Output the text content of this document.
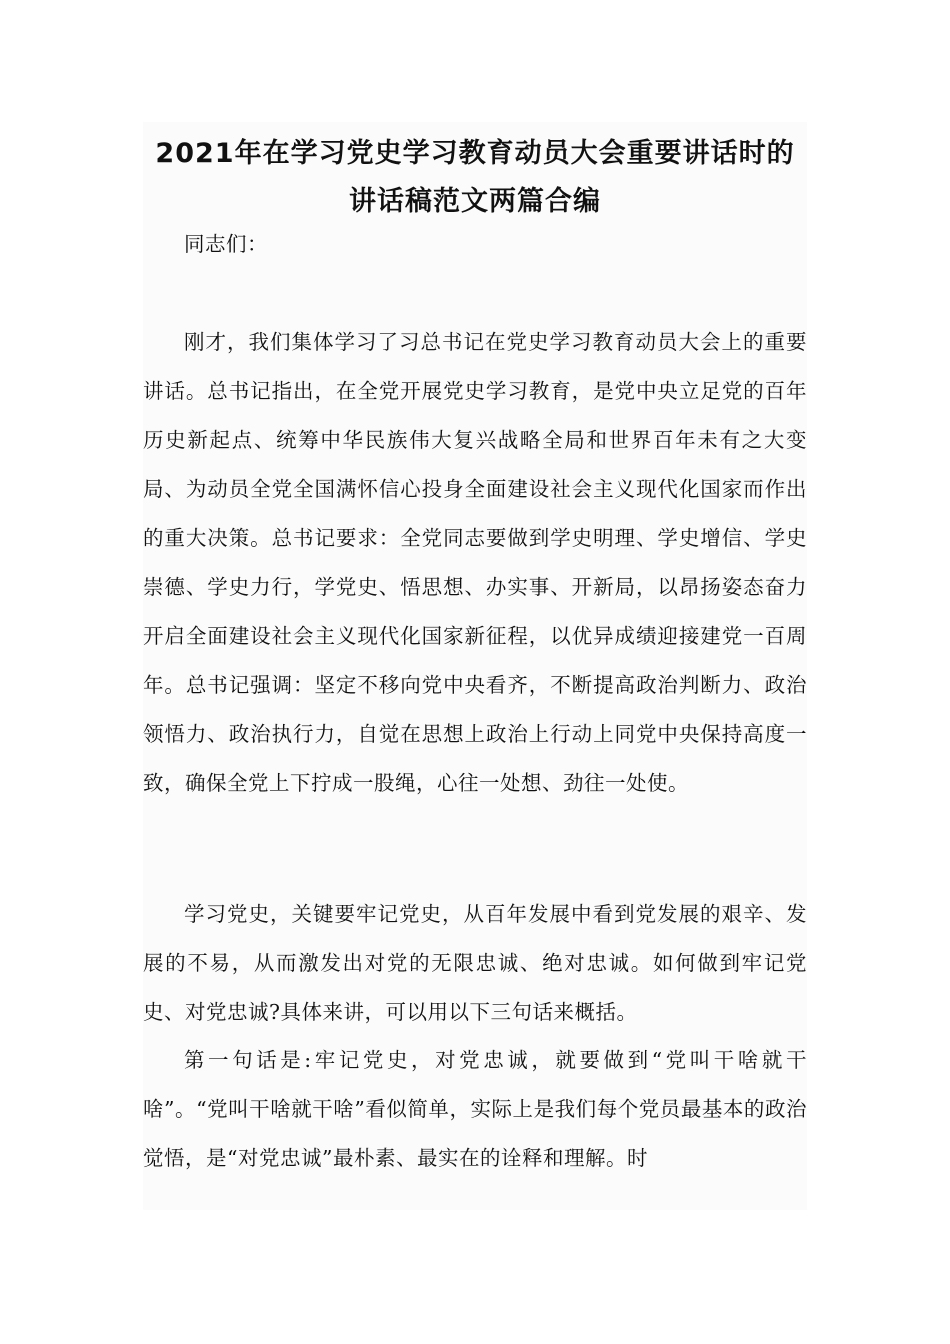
2021年在学习党史学习教育动员大会重要讲话时的
讲话稿范文两篇合编

同志们：

刚才，我们集体学习了习总书记在党史学习教育动员大会上的重要讲话。总书记指出，在全党开展党史学习教育，是党中央立足党的百年历史新起点、统筹中华民族伟大复兴战略全局和世界百年未有之大变局、为动员全党全国满怀信心投身全面建设社会主义现代化国家而作出的重大决策。总书记要求：全党同志要做到学史明理、学史增信、学史崇德、学史力行，学党史、悟思想、办实事、开新局，以昂扬姿态奋力开启全面建设社会主义现代化国家新征程，以优异成绩迎接建党一百周年。总书记强调：坚定不移向党中央看齐，不断提高政治判断力、政治领悟力、政治执行力，自觉在思想上政治上行动上同党中央保持高度一致，确保全党上下拧成一股绳，心往一处想、劲往一处使。

学习党史，关键要牢记党史，从百年发展中看到党发展的艰辛、发展的不易，从而激发出对党的无限忠诚、绝对忠诚。如何做到牢记党史、对党忠诚?具体来讲，可以用以下三句话来概括。

第一句话是:牢记党史，对党忠诚，就要做到“党叫干啥就干啥”。“党叫干啥就干啥”看似简单，实际上是我们每个党员最基本的政治觉悟，是“对党忠诚”最朴素、最实在的诠释和理解。时
